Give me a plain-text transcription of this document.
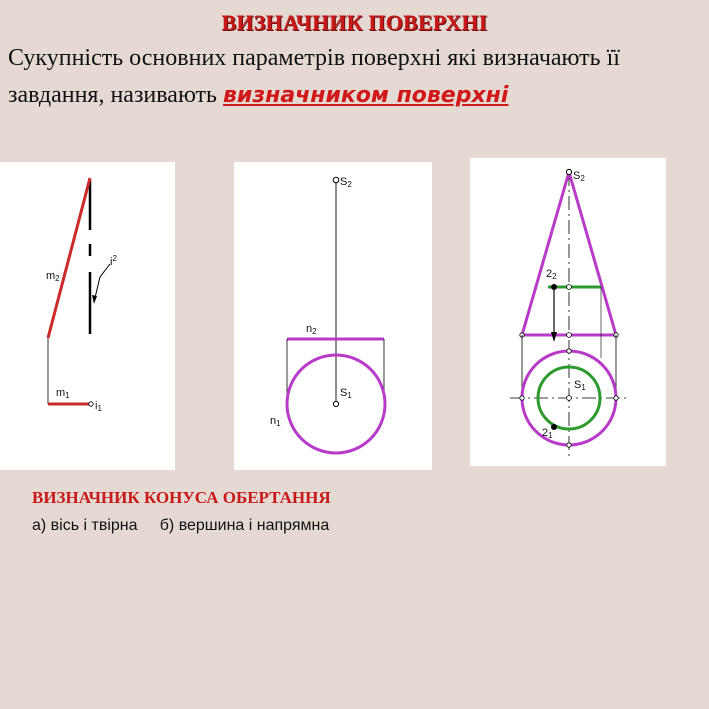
ВИЗНАЧНИК ПОВЕРХНІ
Сукупність основних параметрів поверхні які визначають її завдання, називають визначником поверхні
m2
$i^2$
m1
i1
S2
n2
S1
n1
S2
22
S1
21
ВИЗНАЧНИК КОНУСА ОБЕРТАННЯ
а) вісь і твірна     б) вершина і напрямна
